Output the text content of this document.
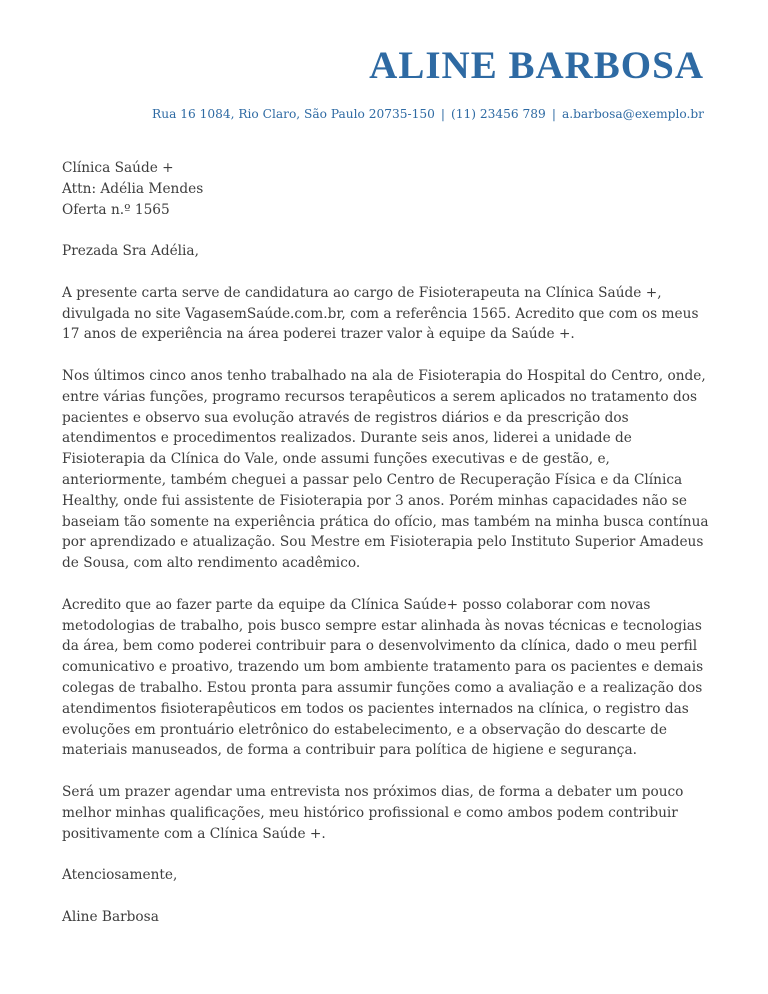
ALINE BARBOSA
Rua 16 1084, Rio Claro, São Paulo 20735-150 | (11) 23456 789 | a.barbosa@exemplo.br

Clínica Saúde +

Attn: Adélia Mendes

Oferta n.º 1565

Prezada Sra Adélia,

A presente carta serve de candidatura ao cargo de Fisioterapeuta na Clínica Saúde +, divulgada no site VagasemSaúde.com.br, com a referência 1565. Acredito que com os meus 17 anos de experiência na área poderei trazer valor à equipe da Saúde +.

Nos últimos cinco anos tenho trabalhado na ala de Fisioterapia do Hospital do Centro, onde, entre várias funções, programo recursos terapêuticos a serem aplicados no tratamento dos pacientes e observo sua evolução através de registros diários e da prescrição dos atendimentos e procedimentos realizados. Durante seis anos, liderei a unidade de Fisioterapia da Clínica do Vale, onde assumi funções executivas e de gestão, e, anteriormente, também cheguei a passar pelo Centro de Recuperação Física e da Clínica Healthy, onde fui assistente de Fisioterapia por 3 anos. Porém minhas capacidades não se baseiam tão somente na experiência prática do ofício, mas também na minha busca contínua por aprendizado e atualização. Sou Mestre em Fisioterapia pelo Instituto Superior Amadeus de Sousa, com alto rendimento acadêmico.

Acredito que ao fazer parte da equipe da Clínica Saúde+ posso colaborar com novas metodologias de trabalho, pois busco sempre estar alinhada às novas técnicas e tecnologias da área, bem como poderei contribuir para o desenvolvimento da clínica, dado o meu perfil comunicativo e proativo, trazendo um bom ambiente tratamento para os pacientes e demais colegas de trabalho. Estou pronta para assumir funções como a avaliação e a realização dos atendimentos fisioterapêuticos em todos os pacientes internados na clínica, o registro das evoluções em prontuário eletrônico do estabelecimento, e a observação do descarte de materiais manuseados, de forma a contribuir para política de higiene e segurança.

Será um prazer agendar uma entrevista nos próximos dias, de forma a debater um pouco melhor minhas qualificações, meu histórico profissional e como ambos podem contribuir positivamente com a Clínica Saúde +.

Atenciosamente,

Aline Barbosa
